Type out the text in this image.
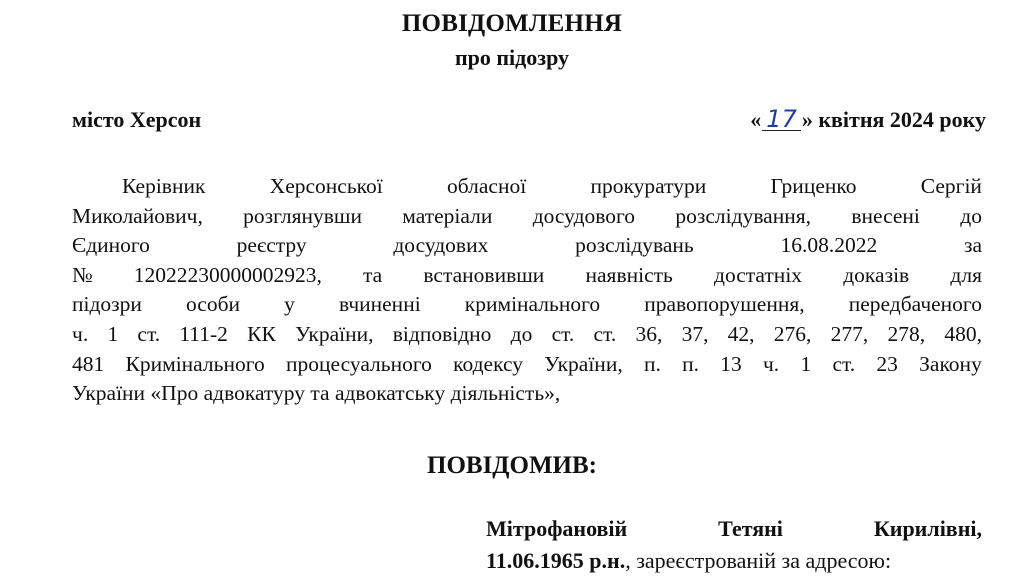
ПОВІДОМЛЕННЯ
про підозру
місто Херсон	« 17 » квітня 2024 року
Керівник	Херсонської	обласної	прокуратури	Гриценко	Сергій
Миколайович, розглянувши матеріали досудового розслідування, внесені до
Єдиного	реєстру	досудових	розслідувань	16.08.2022	за
№ 12022230000002923, та встановивши наявність достатніх доказів для
підозри особи у вчиненні кримінального правопорушення, передбаченого
ч. 1 ст. 111-2 КК України, відповідно до ст. ст. 36, 37, 42, 276, 277, 278, 480,
481 Кримінального процесуального кодексу України, п. п. 13 ч. 1 ст. 23 Закону
України «Про адвокатуру та адвокатську діяльність»,
ПОВІДОМИВ:
Мітрофановій	Тетяні	Кирилівні,
11.06.1965 р.н., зареєстрованій за адресою:
